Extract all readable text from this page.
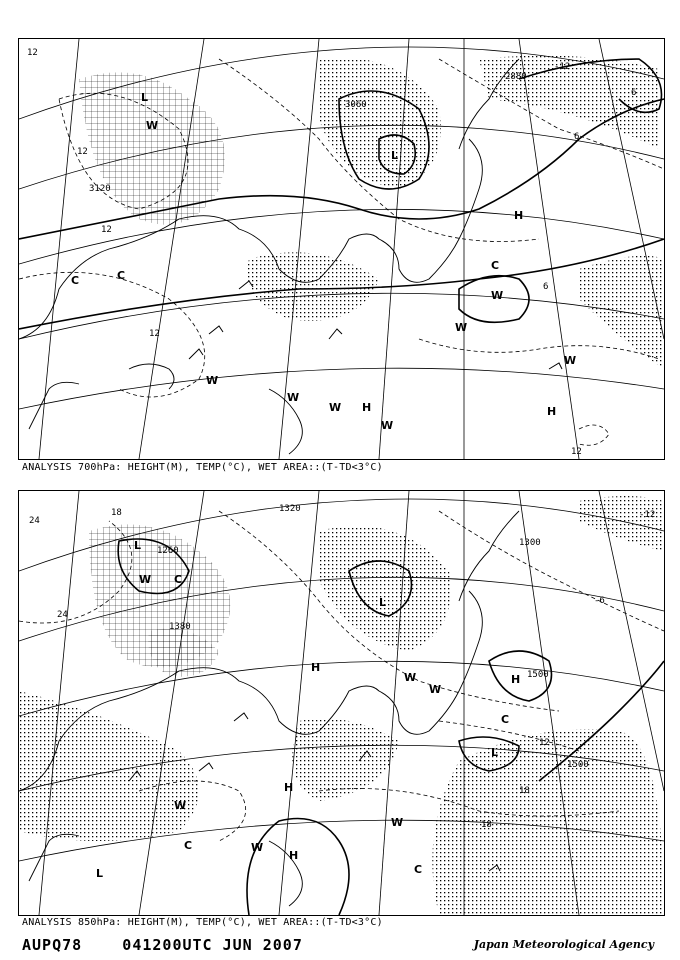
L
W
L
C	C
H
W
C
W
H
W
W
W
H
W
W
12
12
3120
12
12
3060
2880
-12
6
6
6
12
ANALYSIS 700hPa: HEIGHT(M), TEMP(°C), WET AREA::(T-TD<3°C)
L
W C
L
H
W
W
H
C
L
W
W
H
C
L	C
H
W
24
18
1260
24
1380
1300
1500
1500
12
18
18
-6
1320
-12
ANALYSIS 850hPa: HEIGHT(M), TEMP(°C), WET AREA::(T-TD<3°C)
AUPQ78    041200UTC JUN 2007	Japan Meteorological Agency
